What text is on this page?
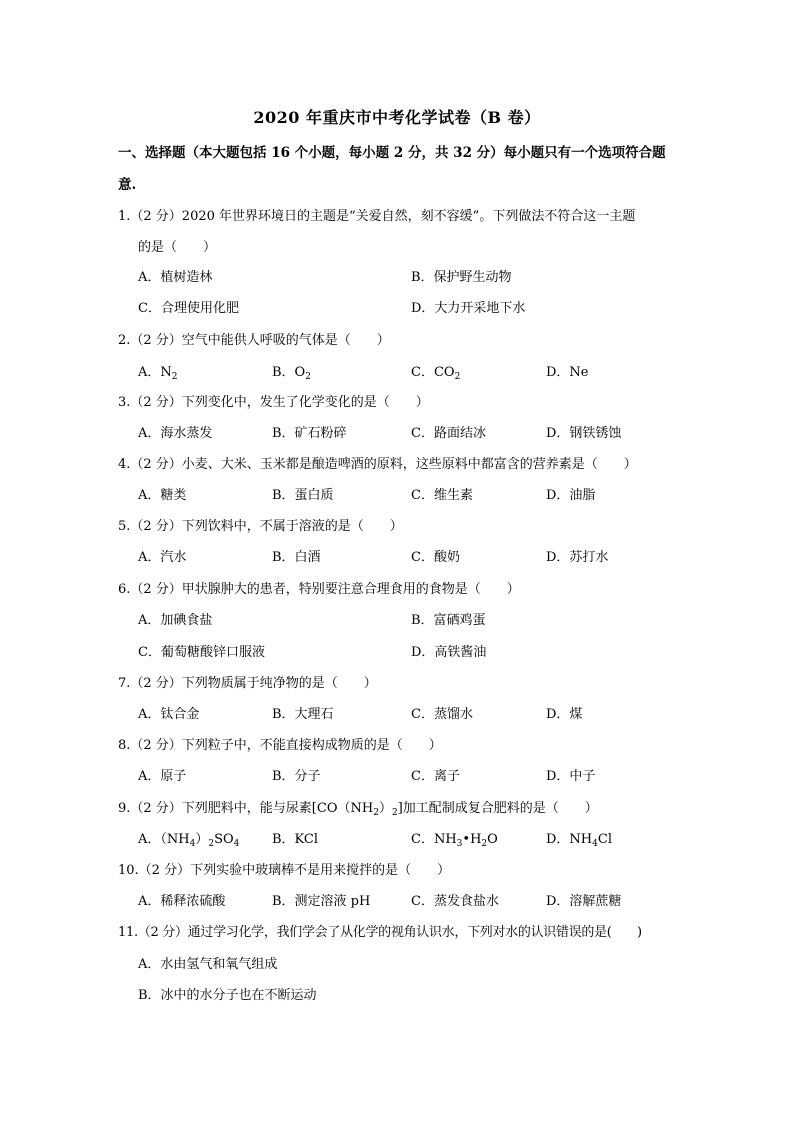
2020 年重庆市中考化学试卷（B 卷）
一、选择题（本大题包括 16 个小题，每小题 2 分，共 32 分）每小题只有一个选项符合题
意.
1.（2 分）2020 年世界环境日的主题是“关爱自然，刻不容缓”。下列做法不符合这一主题
的是（　　）
A．植树造林	B．保护野生动物
C．合理使用化肥	D．大力开采地下水
2.（2 分）空气中能供人呼吸的气体是（　　）
A．$N_2$	B．$O_2$	C．$CO_2$	D．Ne
3.（2 分）下列变化中，发生了化学变化的是（　　）
A．海水蒸发	B．矿石粉碎	C．路面结冰	D．钢铁锈蚀
4.（2 分）小麦、大米、玉米都是酿造啤酒的原料，这些原料中都富含的营养素是（　　）
A．糖类	B．蛋白质	C．维生素	D．油脂
5.（2 分）下列饮料中，不属于溶液的是（　　）
A．汽水	B．白酒	C．酸奶	D．苏打水
6.（2 分）甲状腺肿大的患者，特别要注意合理食用的食物是（　　）
A．加碘食盐	B．富硒鸡蛋
C．葡萄糖酸锌口服液	D．高铁酱油
7.（2 分）下列物质属于纯净物的是（　　）
A．钛合金	B．大理石	C．蒸馏水	D．煤
8.（2 分）下列粒子中，不能直接构成物质的是（　　）
A．原子	B．分子	C．离子	D．中子
9.（2 分）下列肥料中，能与尿素$[CO(NH_2)_2]$加工配制成复合肥料的是（　　）
A．$(NH_4)_2SO_4$	B．KCl	C．$NH_3•H_2O$	D．$NH_4Cl$
10.（2 分）下列实验中玻璃棒不是用来搅拌的是（　　）
A．稀释浓硫酸	B．测定溶液 pH	C．蒸发食盐水	D．溶解蔗糖
11.（2 分）通过学习化学，我们学会了从化学的视角认识水，下列对水的认识错误的是(　　)
A．水由氢气和氧气组成
B．冰中的水分子也在不断运动
